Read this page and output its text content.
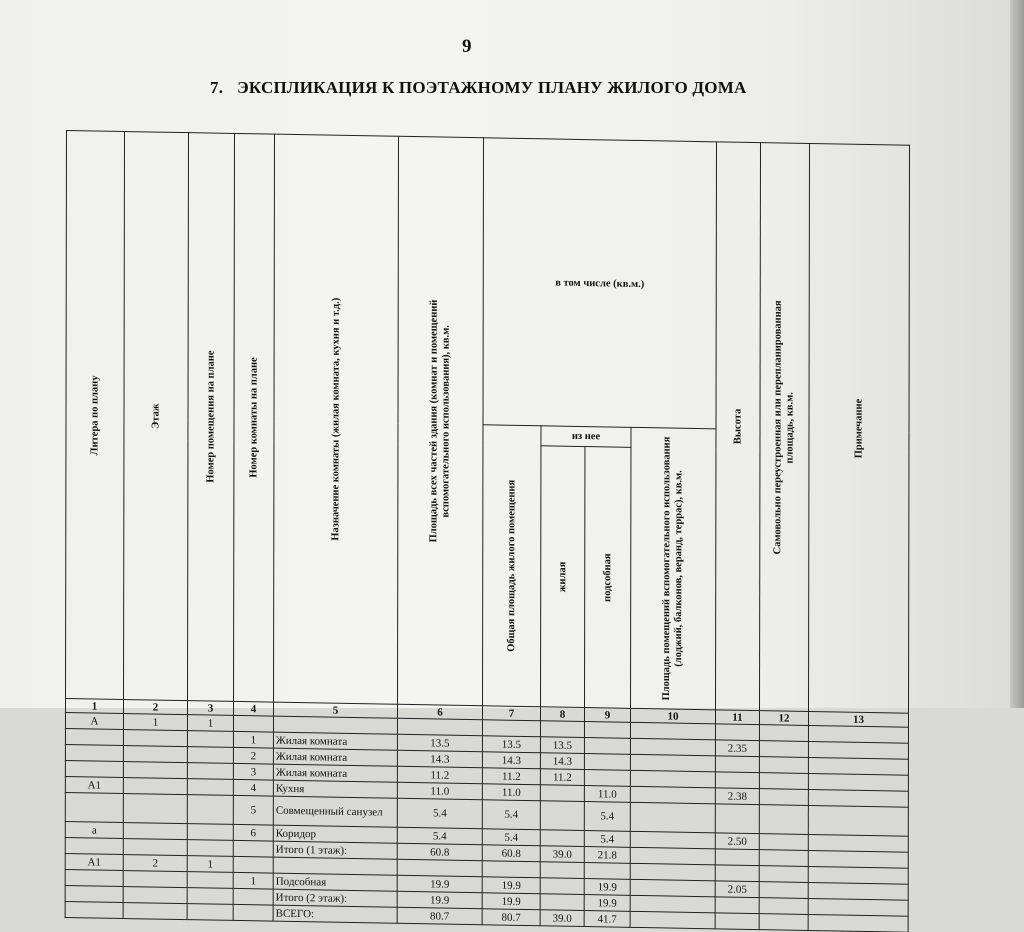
9
7. ЭКСПЛИКАЦИЯ К ПОЭТАЖНОМУ ПЛАНУ ЖИЛОГО ДОМА
Литера по плану	Этаж	Номер помещения на плане	Номер комнаты на плане	Назначение комнаты (жилая комната, кухня и т.д.)	Площадь всех частей здания (комнат и помещений вспомогательного использования), кв.м.	в том числе (кв.м.)				Высота	Самовольно переустроенная или перепланированная площадь, кв.м.	Примечание

						Общая площадь жилого помещения	из нее		Площадь помещений вспомогательного использования (лоджий, балконов, веранд, террас), кв.м.			

							жилая	подсобная				

1	2	3	4	5	6	7	8	9	10	11	12	13
А	1	1										
			1	Жилая комната	13.5	13.5	13.5			2.35		
			2	Жилая комната	14.3	14.3	14.3					
			3	Жилая комната	11.2	11.2	11.2					
А1			4	Кухня	11.0	11.0		11.0		2.38		
			5	Совмещенный санузел	5.4	5.4		5.4				
а			6	Коридор	5.4	5.4		5.4		2.50		
				Итого (1 этаж):	60.8	60.8	39.0	21.8				
А1	2	1										
			1	Подсобная	19.9	19.9		19.9		2.05		
				Итого (2 этаж):	19.9	19.9		19.9				
				ВСЕГО:	80.7	80.7	39.0	41.7				
